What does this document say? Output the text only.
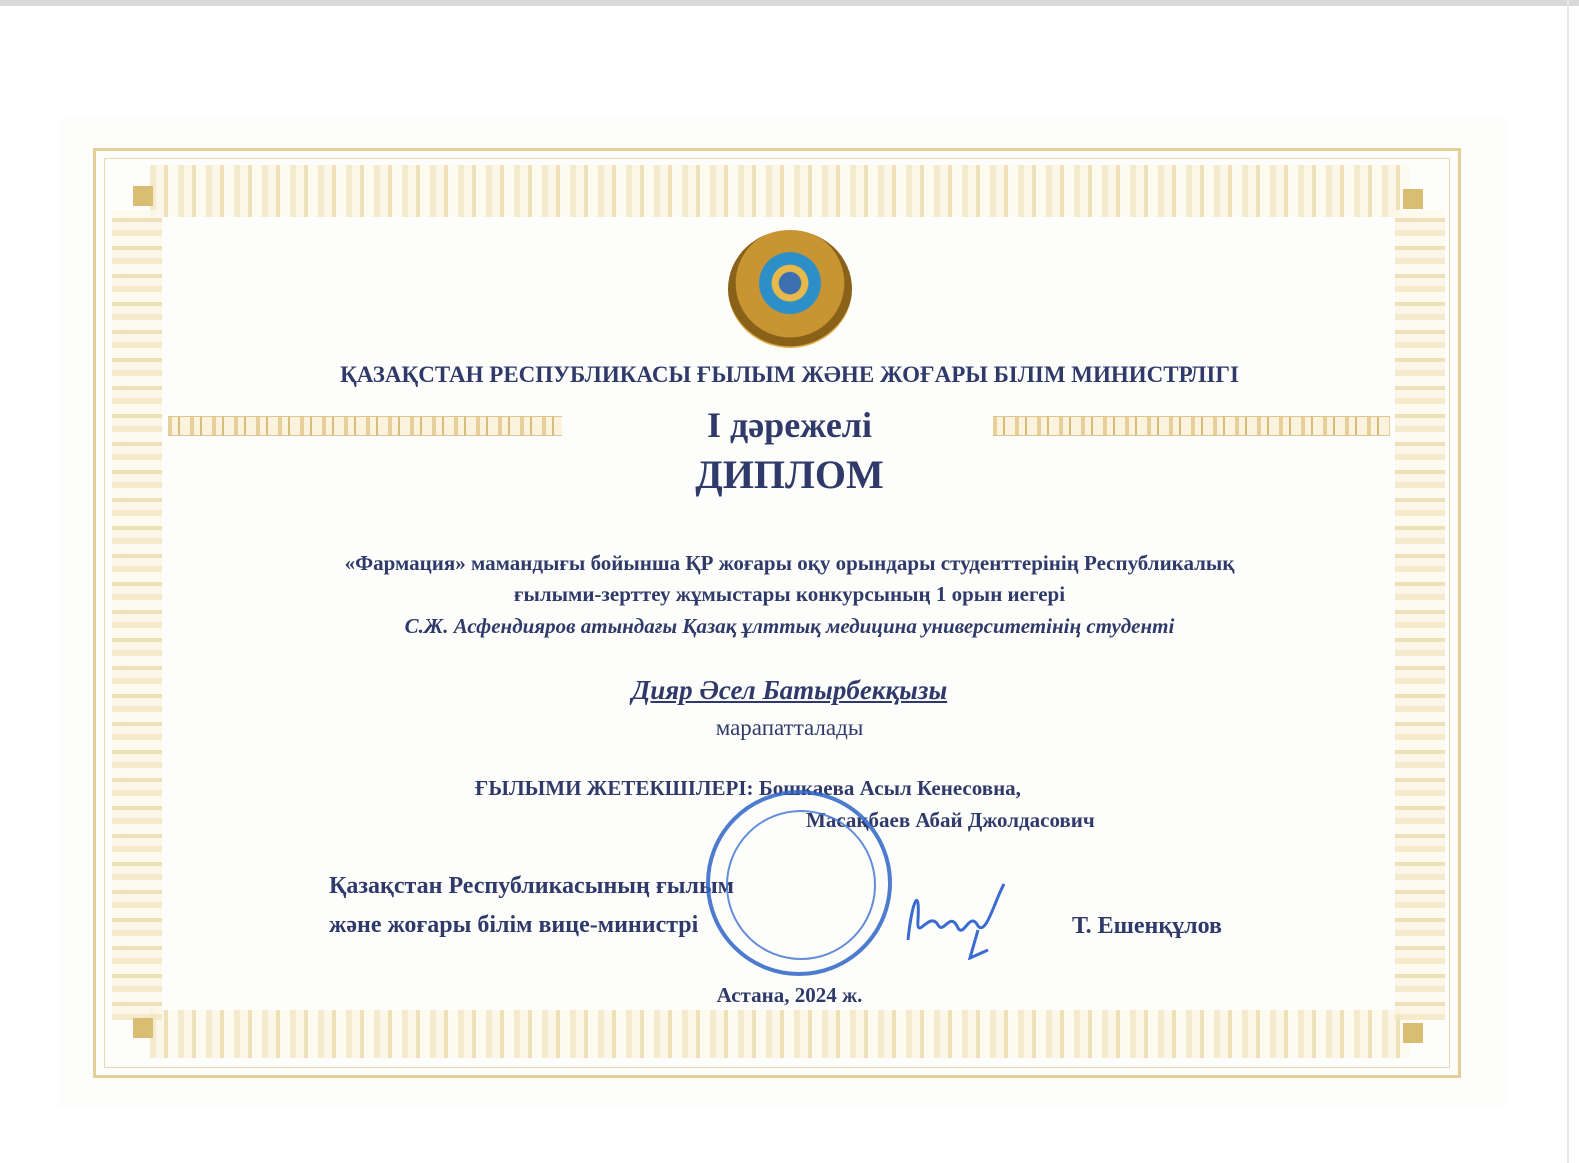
ҚАЗАҚСТАН РЕСПУБЛИКАСЫ ҒЫЛЫМ ЖӘНЕ ЖОҒАРЫ БІЛІМ МИНИСТРЛІГІ
І дәрежелі
ДИПЛОМ
«Фармация» мамандығы бойынша ҚР жоғары оқу орындары студенттерінің Республикалық
ғылыми-зерттеу жұмыстары конкурсының 1 орын иегері
С.Ж. Асфендияров атындағы Қазақ ұлттық медицина университетінің студенті
Дияр Әсел Батырбекқызы
марапатталады
ҒЫЛЫМИ ЖЕТЕКШІЛЕРІ: Бошкаева Асыл Кенесовна,
Масақбаев Абай Джолдасович
Қазақстан Республикасының ғылым
және жоғары білім вице-министрі	Т. Ешенқұлов
Астана, 2024 ж.
